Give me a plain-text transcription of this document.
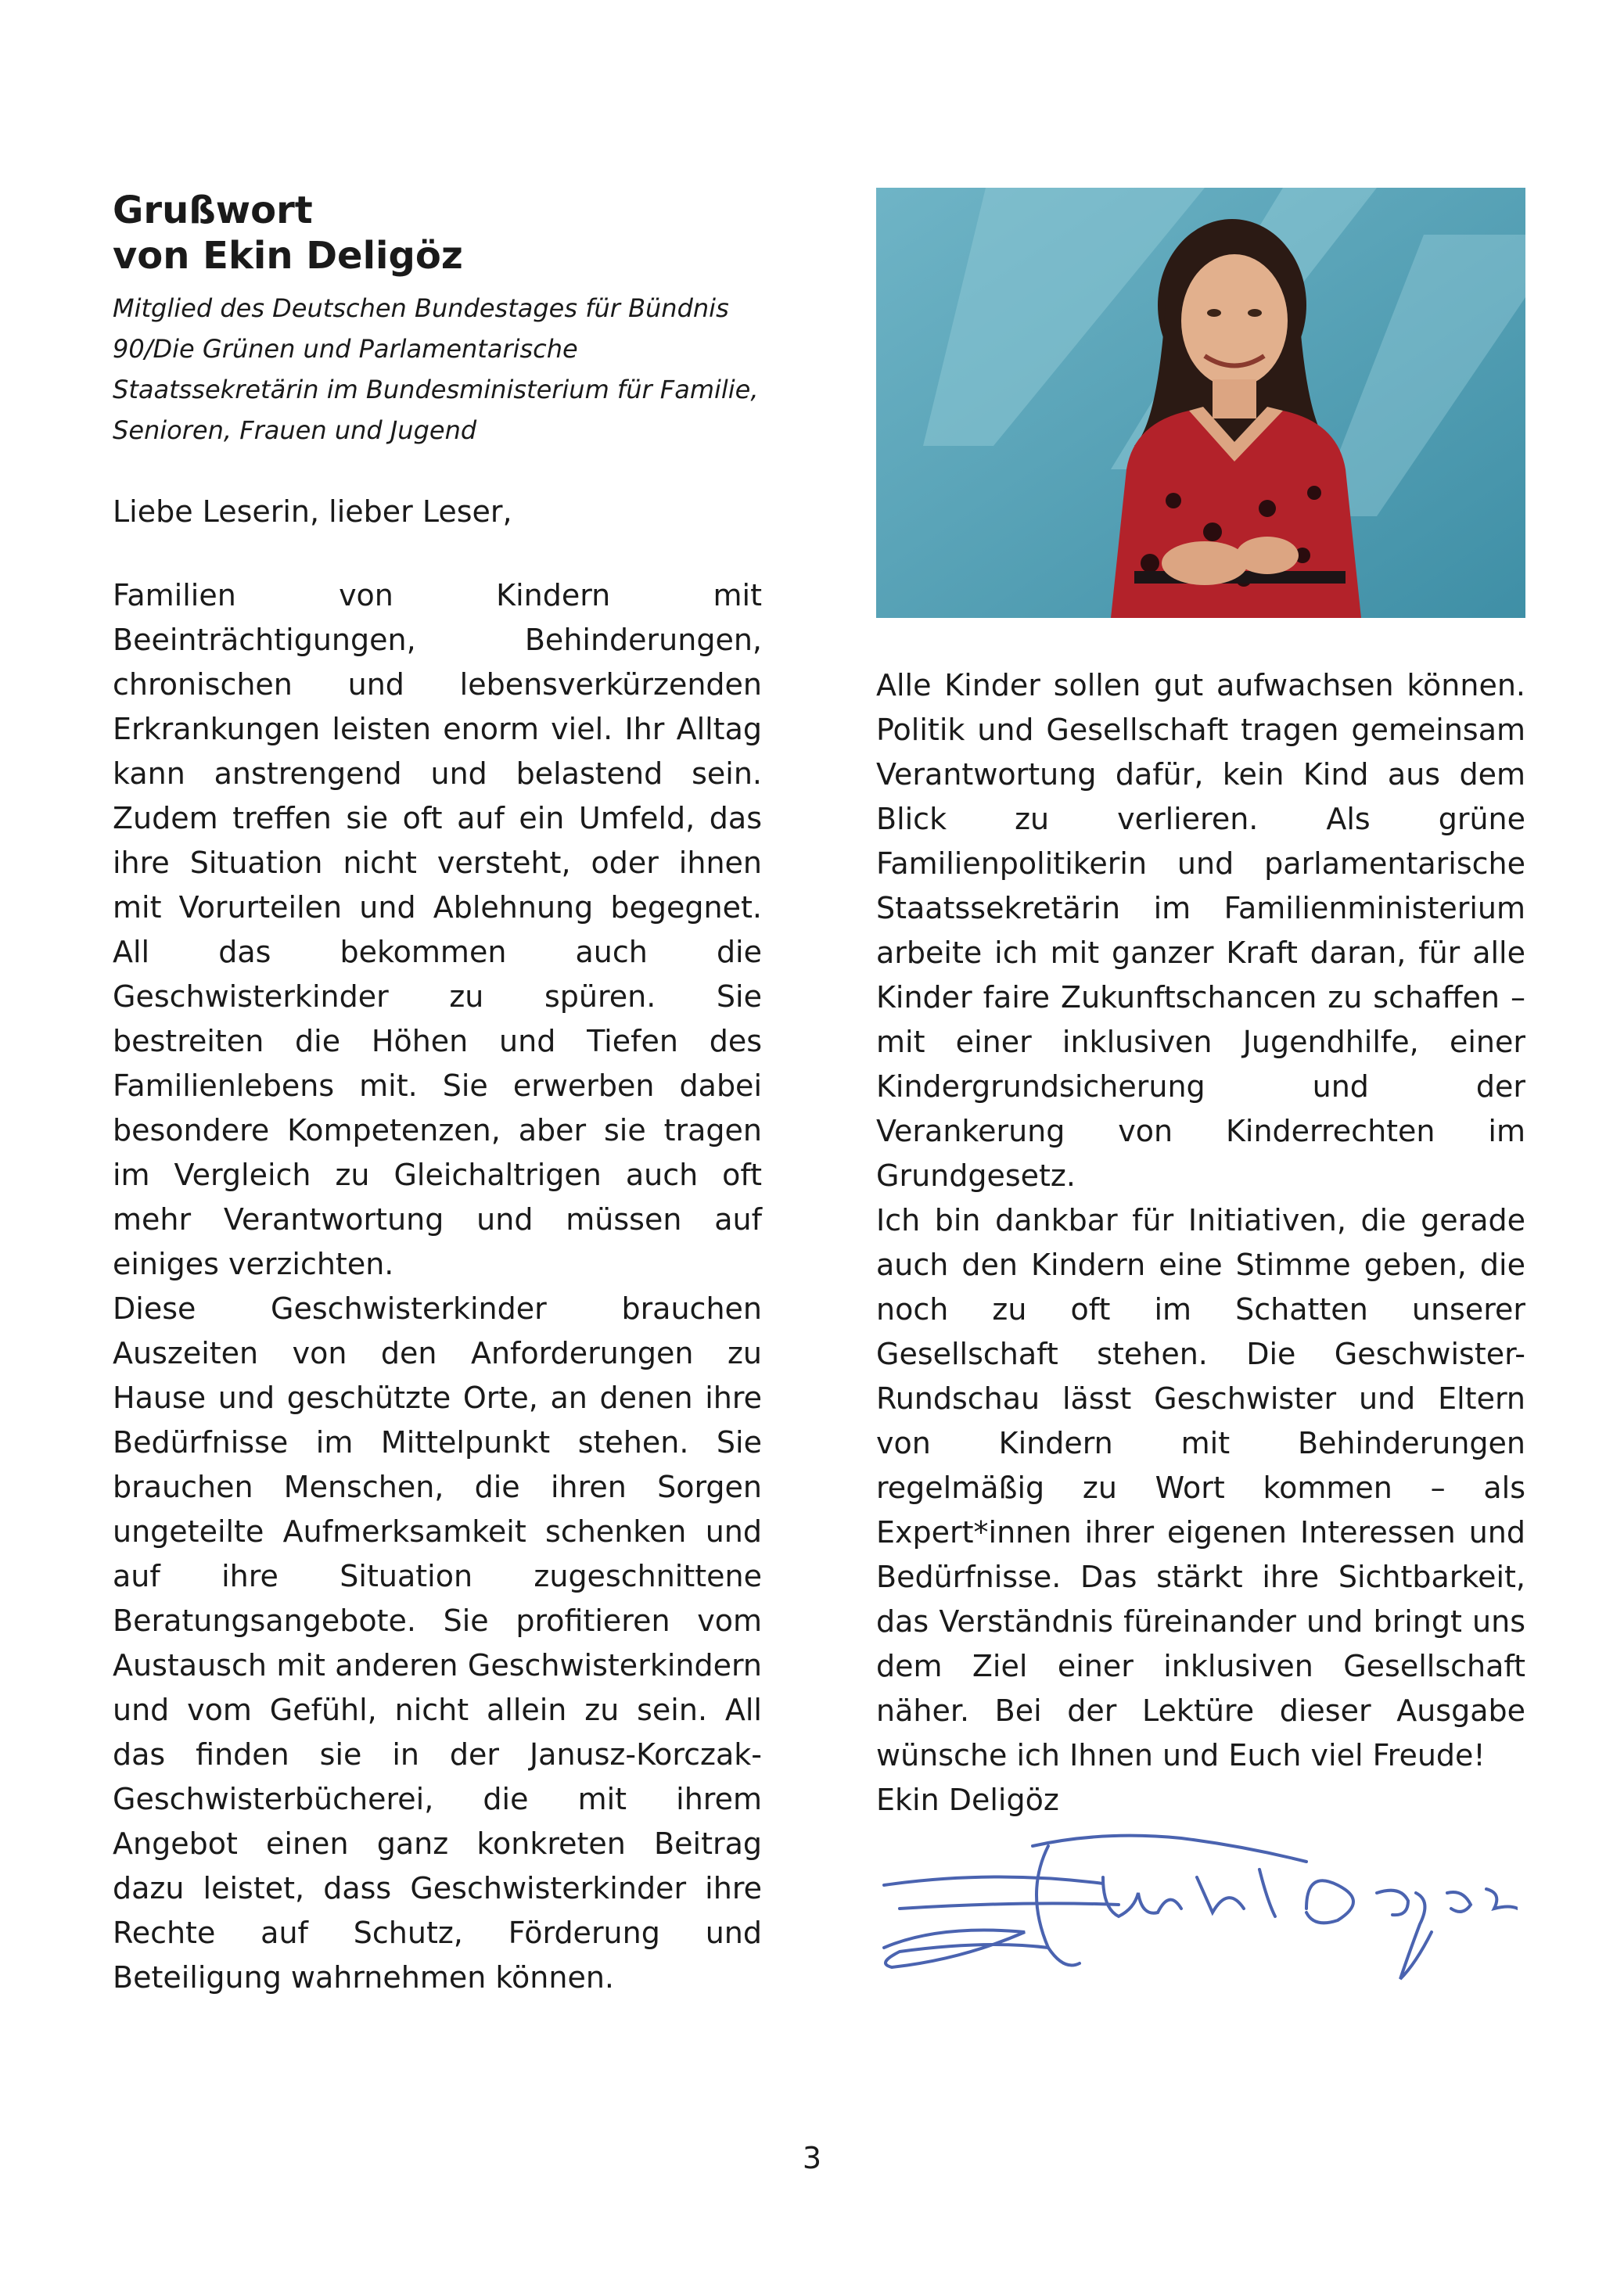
Grußwort
von Ekin Deligöz

Mitglied des Deutschen Bundestages für Bündnis 90/Die Grünen und Parlamentarische Staatssekretärin im Bundesministerium für Familie, Senioren, Frauen und Jugend

Liebe Leserin, lieber Leser,

Familien von Kindern mit Beeinträchtigungen, Behinderungen, chronischen und lebensverkürzenden Erkrankungen leisten enorm viel. Ihr Alltag kann anstrengend und belastend sein. Zudem treffen sie oft auf ein Umfeld, das ihre Situation nicht versteht, oder ihnen mit Vorurteilen und Ablehnung begegnet. All das bekommen auch die Geschwisterkinder zu spüren. Sie bestreiten die Höhen und Tiefen des Familienlebens mit. Sie erwerben dabei besondere Kompetenzen, aber sie tragen im Vergleich zu Gleichaltrigen auch oft mehr Verantwortung und müssen auf einiges verzichten.

Diese Geschwisterkinder brauchen Auszeiten von den Anforderungen zu Hause und geschützte Orte, an denen ihre Bedürfnisse im Mittelpunkt stehen. Sie brauchen Menschen, die ihren Sorgen ungeteilte Aufmerksamkeit schenken und auf ihre Situation zugeschnittene Beratungsangebote. Sie profitieren vom Austausch mit anderen Geschwisterkindern und vom Gefühl, nicht allein zu sein. All das finden sie in der Janusz-Korczak-Geschwisterbücherei, die mit ihrem Angebot einen ganz konkreten Beitrag dazu leistet, dass Geschwisterkinder ihre Rechte auf Schutz, Förderung und Beteiligung wahrnehmen können.

Alle Kinder sollen gut aufwachsen können. Politik und Gesellschaft tragen gemeinsam Verantwortung dafür, kein Kind aus dem Blick zu verlieren. Als grüne Familienpolitikerin und parlamentarische Staatssekretärin im Familienministerium arbeite ich mit ganzer Kraft daran, für alle Kinder faire Zukunftschancen zu schaffen – mit einer inklusiven Jugendhilfe, einer Kindergrundsicherung und der Verankerung von Kinderrechten im Grundgesetz.

Ich bin dankbar für Initiativen, die gerade auch den Kindern eine Stimme geben, die noch zu oft im Schatten unserer Gesellschaft stehen. Die Geschwister-Rundschau lässt Geschwister und Eltern von Kindern mit Behinderungen regelmäßig zu Wort kommen – als Expert*innen ihrer eigenen Interessen und Bedürfnisse. Das stärkt ihre Sichtbarkeit, das Verständnis füreinander und bringt uns dem Ziel einer inklusiven Gesellschaft näher. Bei der Lektüre dieser Ausgabe wünsche ich Ihnen und Euch viel Freude!

Ekin Deligöz

3
